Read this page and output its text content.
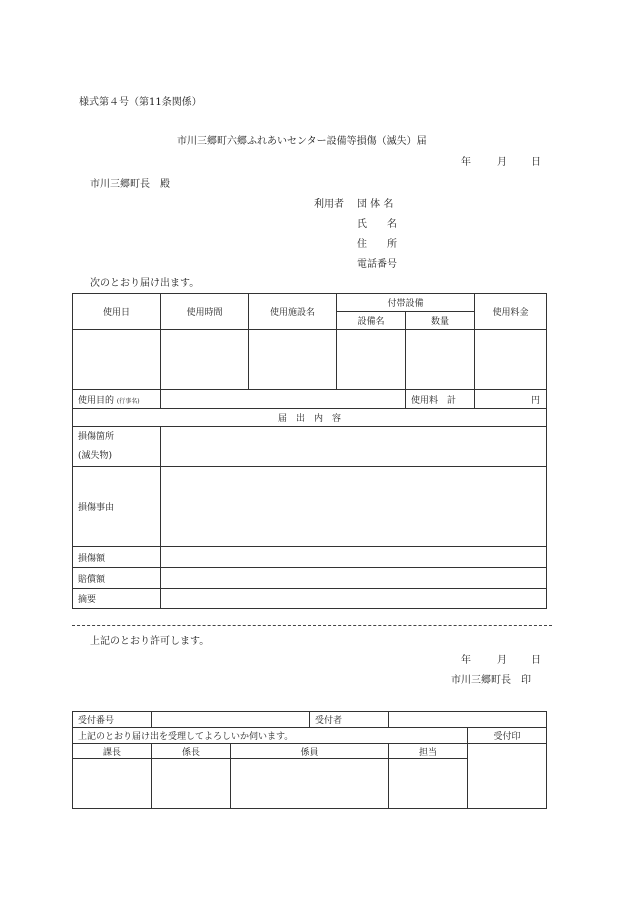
様式第４号（第11条関係）
市川三郷町六郷ふれあいセンター設備等損傷（滅失）届
年	月 日
市川三郷町長　殿
利用者 団 体 名
氏　　名
住　　所
電話番号
次のとおり届け出ます。
使用日	使用時間	使用施設名	付帯設備		使用料金
			設備名	数量	

使用目的 (行事名)				使用料　計	円
届　出　内　容					
損傷箇所
(滅失物)					
損傷事由					
損傷額					
賠償額					
摘要					
上記のとおり許可します。
年	月 日
市川三郷町長　印
受付番号			受付者		
上記のとおり届け出を受理してよろしいか伺います。					受付印
課長	係長	係員		担当	
